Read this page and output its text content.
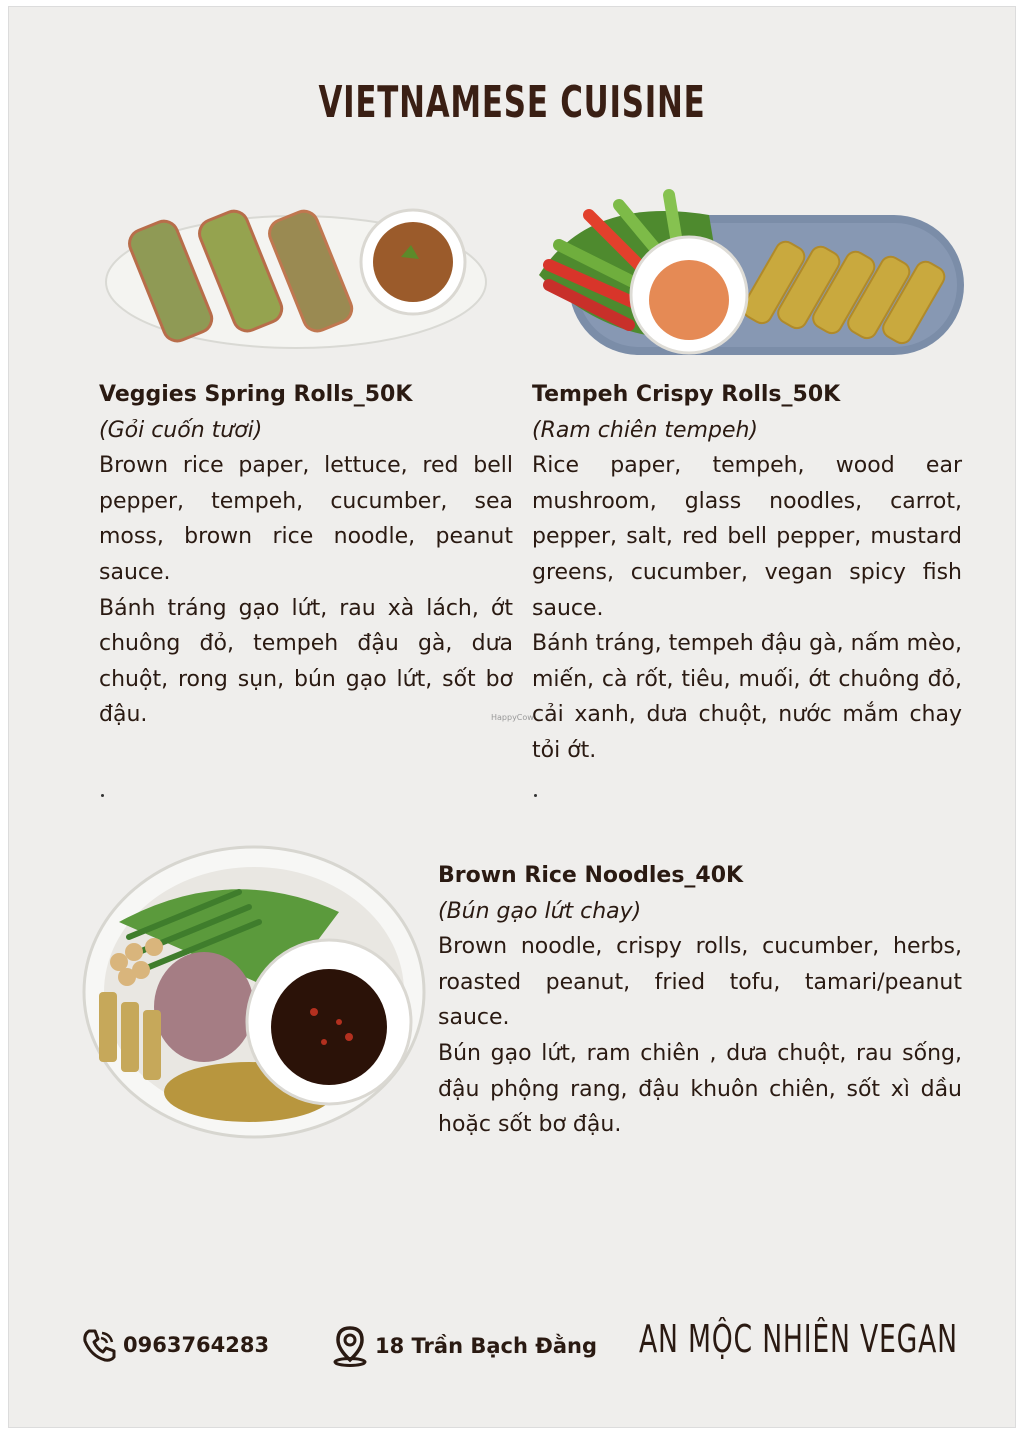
VIETNAMESE CUISINE
Veggies Spring Rolls_50K
(Gỏi cuốn tươi)
Brown rice paper, lettuce, red bell pepper, tempeh, cucumber, sea moss, brown rice noodle, peanut sauce.
Bánh tráng gạo lứt, rau xà lách, ớt chuông đỏ, tempeh đậu gà, dưa chuột, rong sụn, bún gạo lứt, sốt bơ đậu.
Tempeh Crispy Rolls_50K
(Ram chiên tempeh)
Rice paper, tempeh, wood ear mushroom, glass noodles, carrot, pepper, salt, red bell pepper, mustard greens, cucumber, vegan spicy fish sauce.
Bánh tráng, tempeh đậu gà, nấm mèo, miến, cà rốt, tiêu, muối, ớt chuông đỏ, cải xanh, dưa chuột, nước mắm chay tỏi ớt.
HappyCow
Brown Rice Noodles_40K
(Bún gạo lứt chay)
Brown noodle, crispy rolls, cucumber, herbs, roasted peanut, fried tofu, tamari/peanut sauce.
Bún gạo lứt, ram chiên , dưa chuột, rau sống, đậu phộng rang, đậu khuôn chiên, sốt xì dầu hoặc sốt bơ đậu.
0963764283	18 Trần Bạch Đằng AN MỘC NHIÊN VEGAN
